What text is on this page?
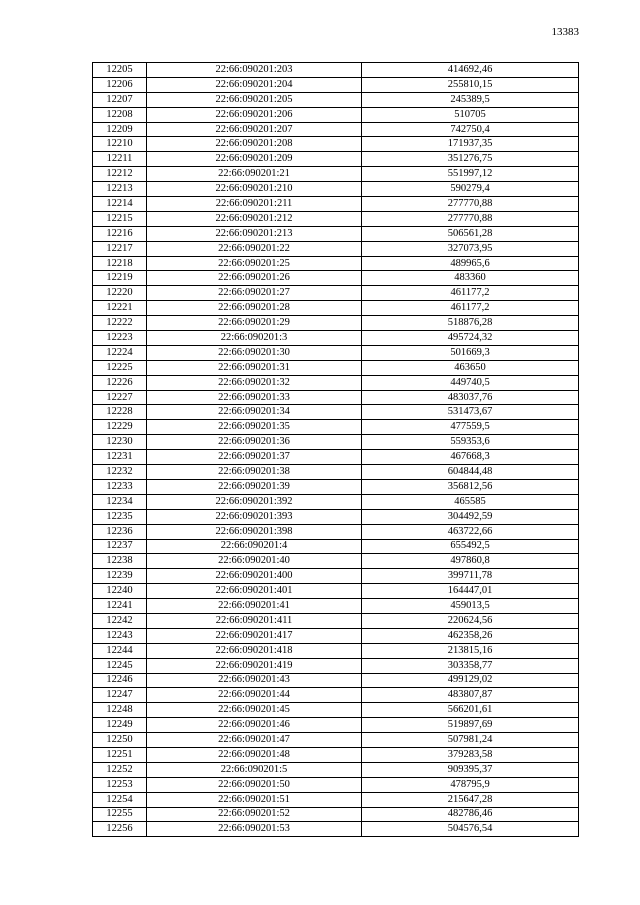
13383
12205	22:66:090201:203	414692,46
12206	22:66:090201:204	255810,15
12207	22:66:090201:205	245389,5
12208	22:66:090201:206	510705
12209	22:66:090201:207	742750,4
12210	22:66:090201:208	171937,35
12211	22:66:090201:209	351276,75
12212	22:66:090201:21	551997,12
12213	22:66:090201:210	590279,4
12214	22:66:090201:211	277770,88
12215	22:66:090201:212	277770,88
12216	22:66:090201:213	506561,28
12217	22:66:090201:22	327073,95
12218	22:66:090201:25	489965,6
12219	22:66:090201:26	483360
12220	22:66:090201:27	461177,2
12221	22:66:090201:28	461177,2
12222	22:66:090201:29	518876,28
12223	22:66:090201:3	495724,32
12224	22:66:090201:30	501669,3
12225	22:66:090201:31	463650
12226	22:66:090201:32	449740,5
12227	22:66:090201:33	483037,76
12228	22:66:090201:34	531473,67
12229	22:66:090201:35	477559,5
12230	22:66:090201:36	559353,6
12231	22:66:090201:37	467668,3
12232	22:66:090201:38	604844,48
12233	22:66:090201:39	356812,56
12234	22:66:090201:392	465585
12235	22:66:090201:393	304492,59
12236	22:66:090201:398	463722,66
12237	22:66:090201:4	655492,5
12238	22:66:090201:40	497860,8
12239	22:66:090201:400	399711,78
12240	22:66:090201:401	164447,01
12241	22:66:090201:41	459013,5
12242	22:66:090201:411	220624,56
12243	22:66:090201:417	462358,26
12244	22:66:090201:418	213815,16
12245	22:66:090201:419	303358,77
12246	22:66:090201:43	499129,02
12247	22:66:090201:44	483807,87
12248	22:66:090201:45	566201,61
12249	22:66:090201:46	519897,69
12250	22:66:090201:47	507981,24
12251	22:66:090201:48	379283,58
12252	22:66:090201:5	909395,37
12253	22:66:090201:50	478795,9
12254	22:66:090201:51	215647,28
12255	22:66:090201:52	482786,46
12256	22:66:090201:53	504576,54
